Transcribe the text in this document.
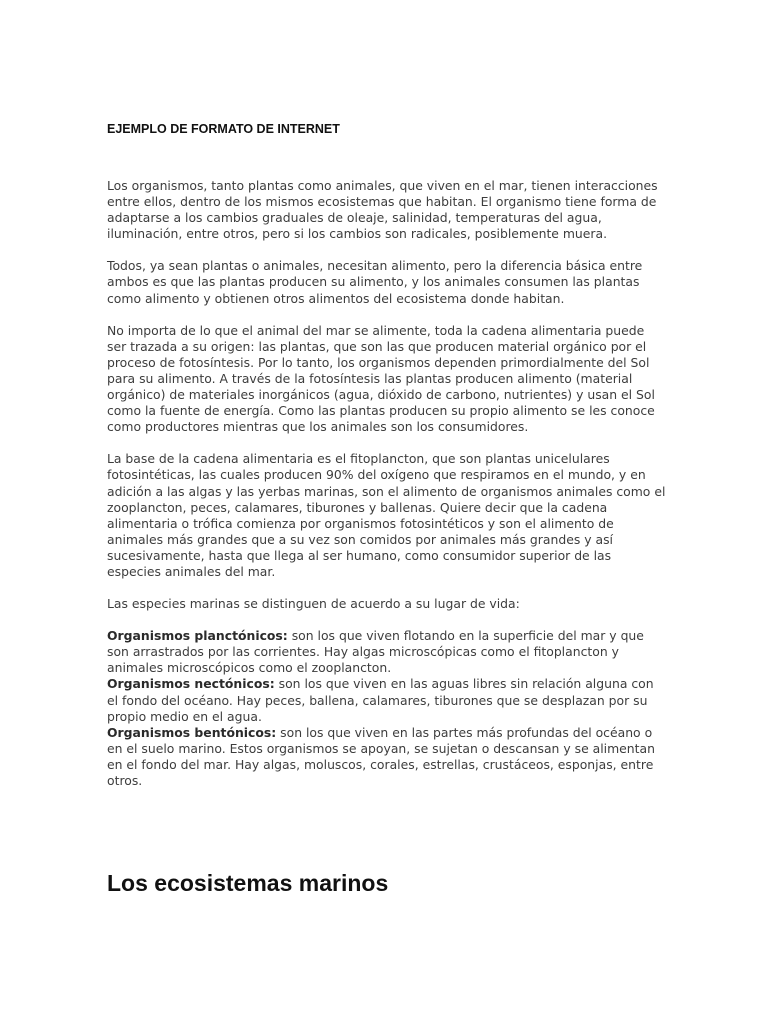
EJEMPLO DE FORMATO DE INTERNET

Los organismos, tanto plantas como animales, que viven en el mar, tienen interacciones entre ellos, dentro de los mismos ecosistemas que habitan. El organismo tiene forma de adaptarse a los cambios graduales de oleaje, salinidad, temperaturas del agua, iluminación, entre otros, pero si los cambios son radicales, posiblemente muera.

Todos, ya sean plantas o animales, necesitan alimento, pero la diferencia básica entre ambos es que las plantas producen su alimento, y los animales consumen las plantas como alimento y obtienen otros alimentos del ecosistema donde habitan.

No importa de lo que el animal del mar se alimente, toda la cadena alimentaria puede ser trazada a su origen: las plantas, que son las que producen material orgánico por el proceso de fotosíntesis. Por lo tanto, los organismos dependen primordialmente del Sol para su alimento. A través de la fotosíntesis las plantas producen alimento (material orgánico) de materiales inorgánicos (agua, dióxido de carbono, nutrientes) y usan el Sol como la fuente de energía. Como las plantas producen su propio alimento se les conoce como productores mientras que los animales son los consumidores.

La base de la cadena alimentaria es el fitoplancton, que son plantas unicelulares fotosintéticas, las cuales producen 90% del oxígeno que respiramos en el mundo, y en adición a las algas y las yerbas marinas, son el alimento de organismos animales como el zooplancton, peces, calamares, tiburones y ballenas. Quiere decir que la cadena alimentaria o trófica comienza por organismos fotosintéticos y son el alimento de animales más grandes que a su vez son comidos por animales más grandes y así sucesivamente, hasta que llega al ser humano, como consumidor superior de las especies animales del mar.

Las especies marinas se distinguen de acuerdo a su lugar de vida:

Organismos planctónicos: son los que viven flotando en la superficie del mar y que son arrastrados por las corrientes. Hay algas microscópicas como el fitoplancton y animales microscópicos como el zooplancton.

Organismos nectónicos: son los que viven en las aguas libres sin relación alguna con el fondo del océano. Hay peces, ballena, calamares, tiburones que se desplazan por su propio medio en el agua.

Organismos bentónicos: son los que viven en las partes más profundas del océano o en el suelo marino. Estos organismos se apoyan, se sujetan o descansan y se alimentan en el fondo del mar. Hay algas, moluscos, corales, estrellas, crustáceos, esponjas, entre otros.

Los ecosistemas marinos
